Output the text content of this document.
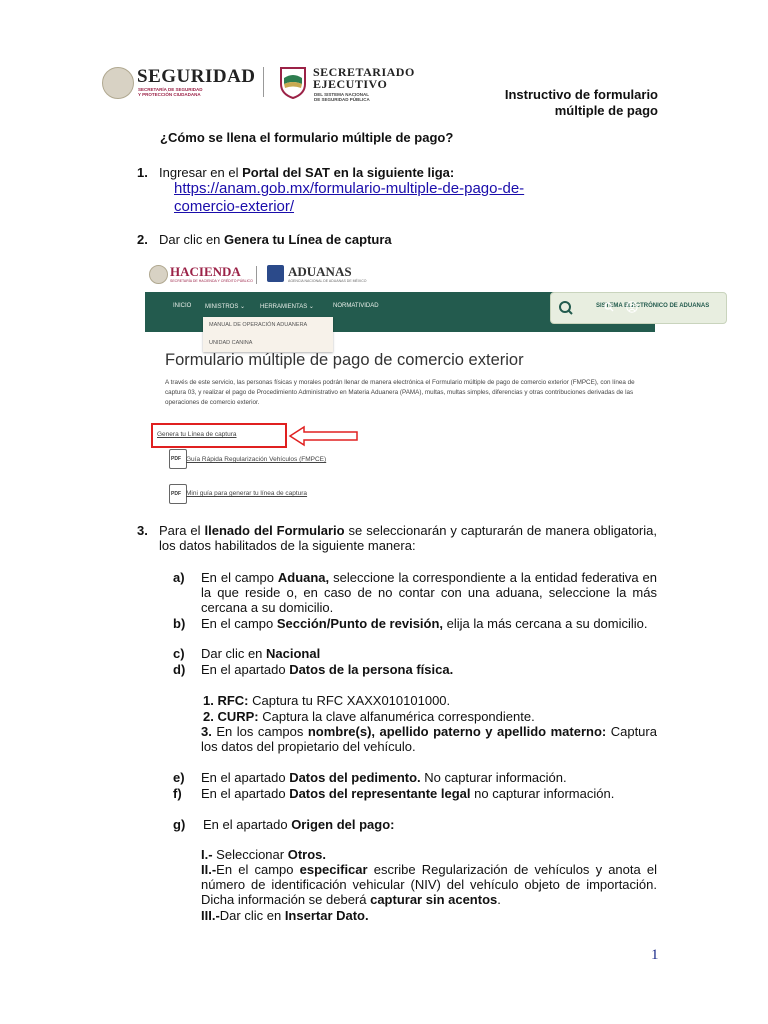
SEGURIDAD
SECRETARÍA DE SEGURIDAD
Y PROTECCIÓN CIUDADANA
SECRETARIADO
EJECUTIVO
DEL SISTEMA NACIONAL
DE SEGURIDAD PÚBLICA	Instructivo de formulario
múltiple de pago
¿Cómo se llena el formulario múltiple de pago?
1. Ingresar en el Portal del SAT en la siguiente liga:
https://anam.gob.mx/formulario-multiple-de-pago-de-
comercio-exterior/
2. Dar clic en Genera tu Línea de captura
HACIENDA
SECRETARÍA DE HACIENDA Y CRÉDITO PÚBLICO
ADUANAS
AGENCIA NACIONAL DE ADUANAS DE MÉXICO
INICIO MINISTROS ⌄ HERRAMIENTAS ⌄	NORMATIVIDAD	SISTEMA ELECTRÓNICO DE ADUANAS
MANUAL DE OPERACIÓN ADUANERA
UNIDAD CANINA
Formulario múltiple de pago de comercio exterior
A través de este servicio, las personas físicas y morales podrán llenar de manera electrónica el Formulario múltiple de pago de comercio exterior (FMPCE), con línea de captura 03, y realizar el pago de Procedimiento Administrativo en Materia Aduanera (PAMA), multas, multas simples, diferencias y otras contribuciones derivadas de las operaciones de comercio exterior.
Genera tu Línea de captura
PDF Guía Rápida Regularización Vehículos (FMPCE)
PDF Mini guía para generar tu línea de captura
3. Para el llenado del Formulario se seleccionarán y capturarán de manera obligatoria, los datos habilitados de la siguiente manera:
a) En el campo Aduana, seleccione la correspondiente a la entidad federativa en la que reside o, en caso de no contar con una aduana, seleccione la más cercana a su domicilio.
b) En el campo Sección/Punto de revisión, elija la más cercana a su domicilio.
c) Dar clic en Nacional
d) En el apartado Datos de la persona física.
1. RFC: Captura tu RFC XAXX010101000.
2. CURP: Captura la clave alfanumérica correspondiente.
3. En los campos nombre(s), apellido paterno y apellido materno: Captura los datos del propietario del vehículo.
e) En el apartado Datos del pedimento. No capturar información.
f) En el apartado Datos del representante legal no capturar información.
g) En el apartado Origen del pago:
I.- Seleccionar Otros.
II.-En el campo especificar escribe Regularización de vehículos y anota el número de identificación vehicular (NIV) del vehículo objeto de importación. Dicha información se deberá capturar sin acentos.
III.-Dar clic en Insertar Dato.
1
